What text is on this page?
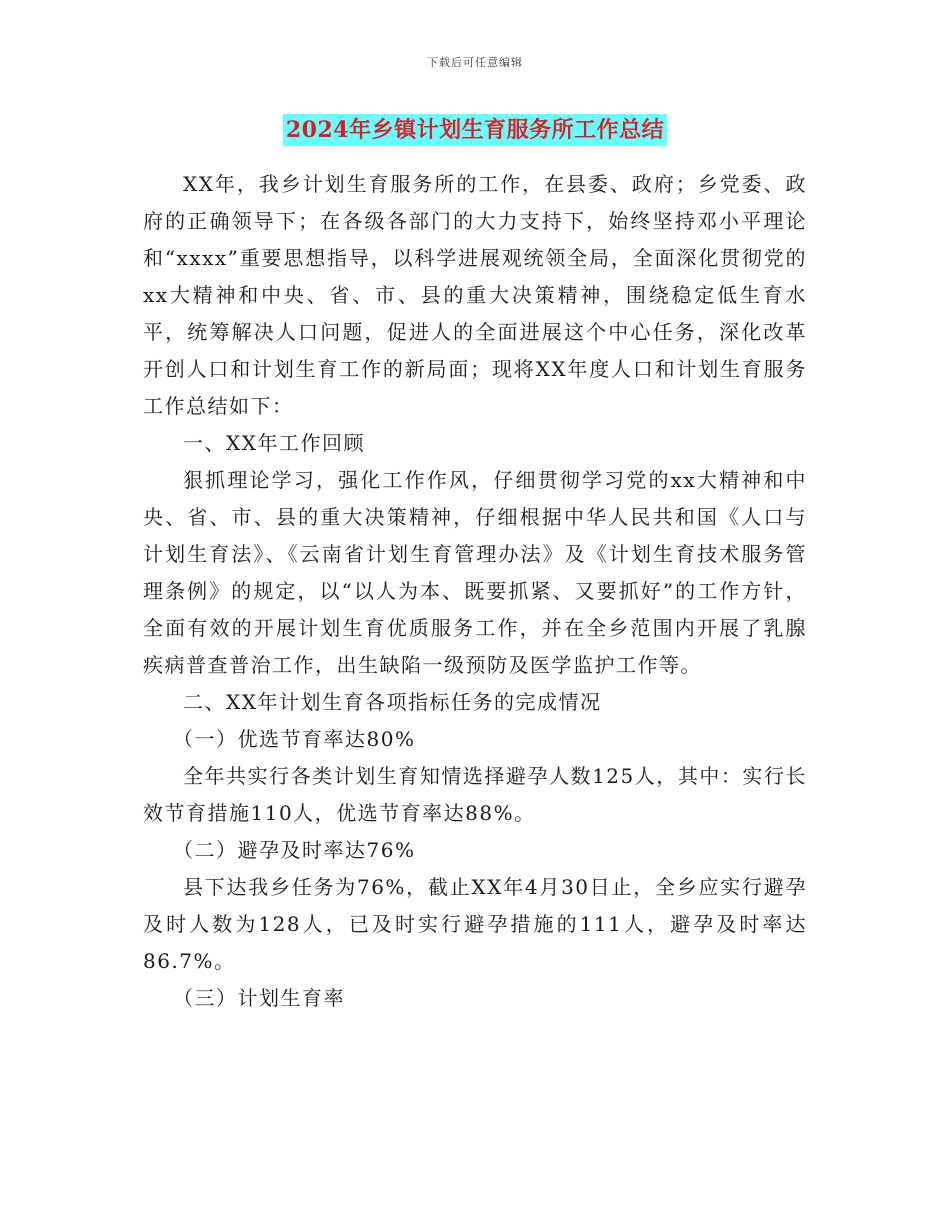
下载后可任意编辑
2024年乡镇计划生育服务所工作总结

XX年，我乡计划生育服务所的工作，在县委、政府；乡党委、政府的正确领导下；在各级各部门的大力支持下，始终坚持邓小平理论和“xxxx”重要思想指导，以科学进展观统领全局，全面深化贯彻党的xx大精神和中央、省、市、县的重大决策精神，围绕稳定低生育水平，统筹解决人口问题，促进人的全面进展这个中心任务，深化改革开创人口和计划生育工作的新局面；现将XX年度人口和计划生育服务工作总结如下：

一、XX年工作回顾

狠抓理论学习，强化工作作风，仔细贯彻学习党的xx大精神和中央、省、市、县的重大决策精神，仔细根据中华人民共和国《人口与计划生育法》、《云南省计划生育管理办法》及《计划生育技术服务管理条例》的规定，以“以人为本、既要抓紧、又要抓好”的工作方针，全面有效的开展计划生育优质服务工作，并在全乡范围内开展了乳腺疾病普查普治工作，出生缺陷一级预防及医学监护工作等。

二、XX年计划生育各项指标任务的完成情况

（一）优选节育率达80%

全年共实行各类计划生育知情选择避孕人数125人，其中：实行长效节育措施110人，优选节育率达88%。

（二）避孕及时率达76%

县下达我乡任务为76%，截止XX年4月30日止，全乡应实行避孕及时人数为128人，已及时实行避孕措施的111人，避孕及时率达86.7%。

（三）计划生育率
